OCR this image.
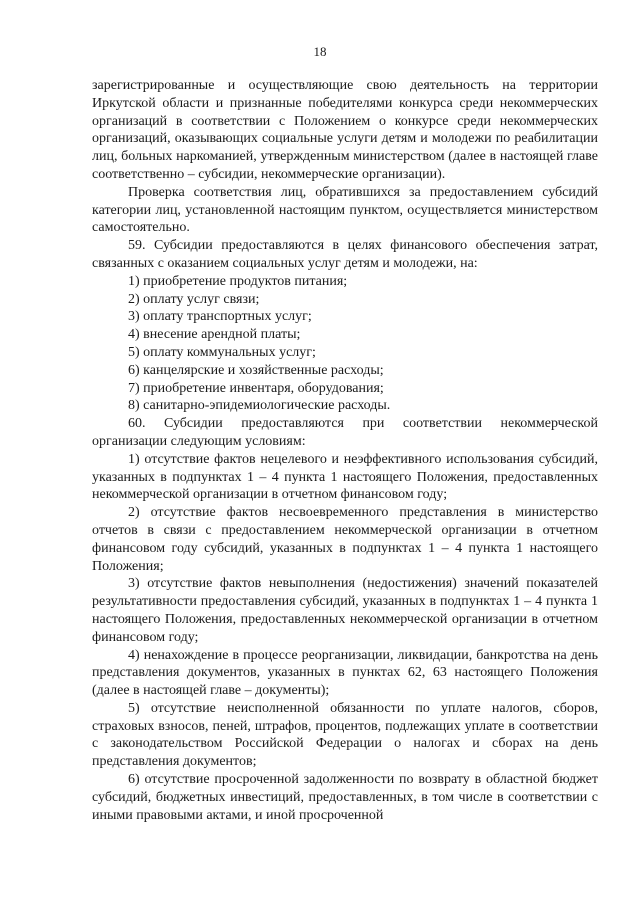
18

зарегистрированные и осуществляющие свою деятельность на территории Иркутской области и признанные победителями конкурса среди некоммерческих организаций в соответствии с Положением о конкурсе среди некоммерческих организаций, оказывающих социальные услуги детям и молодежи по реабилитации лиц, больных наркоманией, утвержденным министерством (далее в настоящей главе соответственно – субсидии, некоммерческие организации).

Проверка соответствия лиц, обратившихся за предоставлением субсидий категории лиц, установленной настоящим пунктом, осуществляется министерством самостоятельно.

59. Субсидии предоставляются в целях финансового обеспечения затрат, связанных с оказанием социальных услуг детям и молодежи, на:

1) приобретение продуктов питания;

2) оплату услуг связи;

3) оплату транспортных услуг;

4) внесение арендной платы;

5) оплату коммунальных услуг;

6) канцелярские и хозяйственные расходы;

7) приобретение инвентаря, оборудования;

8) санитарно-эпидемиологические расходы.

60. Субсидии предоставляются при соответствии некоммерческой организации следующим условиям:

1) отсутствие фактов нецелевого и неэффективного использования субсидий, указанных в подпунктах 1 – 4 пункта 1 настоящего Положения, предоставленных некоммерческой организации в отчетном финансовом году;

2) отсутствие фактов несвоевременного представления в министерство отчетов в связи с предоставлением некоммерческой организации в отчетном финансовом году субсидий, указанных в подпунктах 1 – 4 пункта 1 настоящего Положения;

3) отсутствие фактов невыполнения (недостижения) значений показателей результативности предоставления субсидий, указанных в подпунктах 1 – 4 пункта 1 настоящего Положения, предоставленных некоммерческой организации в отчетном финансовом году;

4) ненахождение в процессе реорганизации, ликвидации, банкротства на день представления документов, указанных в пунктах 62, 63 настоящего Положения (далее в настоящей главе – документы);

5) отсутствие неисполненной обязанности по уплате налогов, сборов, страховых взносов, пеней, штрафов, процентов, подлежащих уплате в соответствии с законодательством Российской Федерации о налогах и сборах на день представления документов;

6) отсутствие просроченной задолженности по возврату в областной бюджет субсидий, бюджетных инвестиций, предоставленных, в том числе в соответствии с иными правовыми актами, и иной просроченной
